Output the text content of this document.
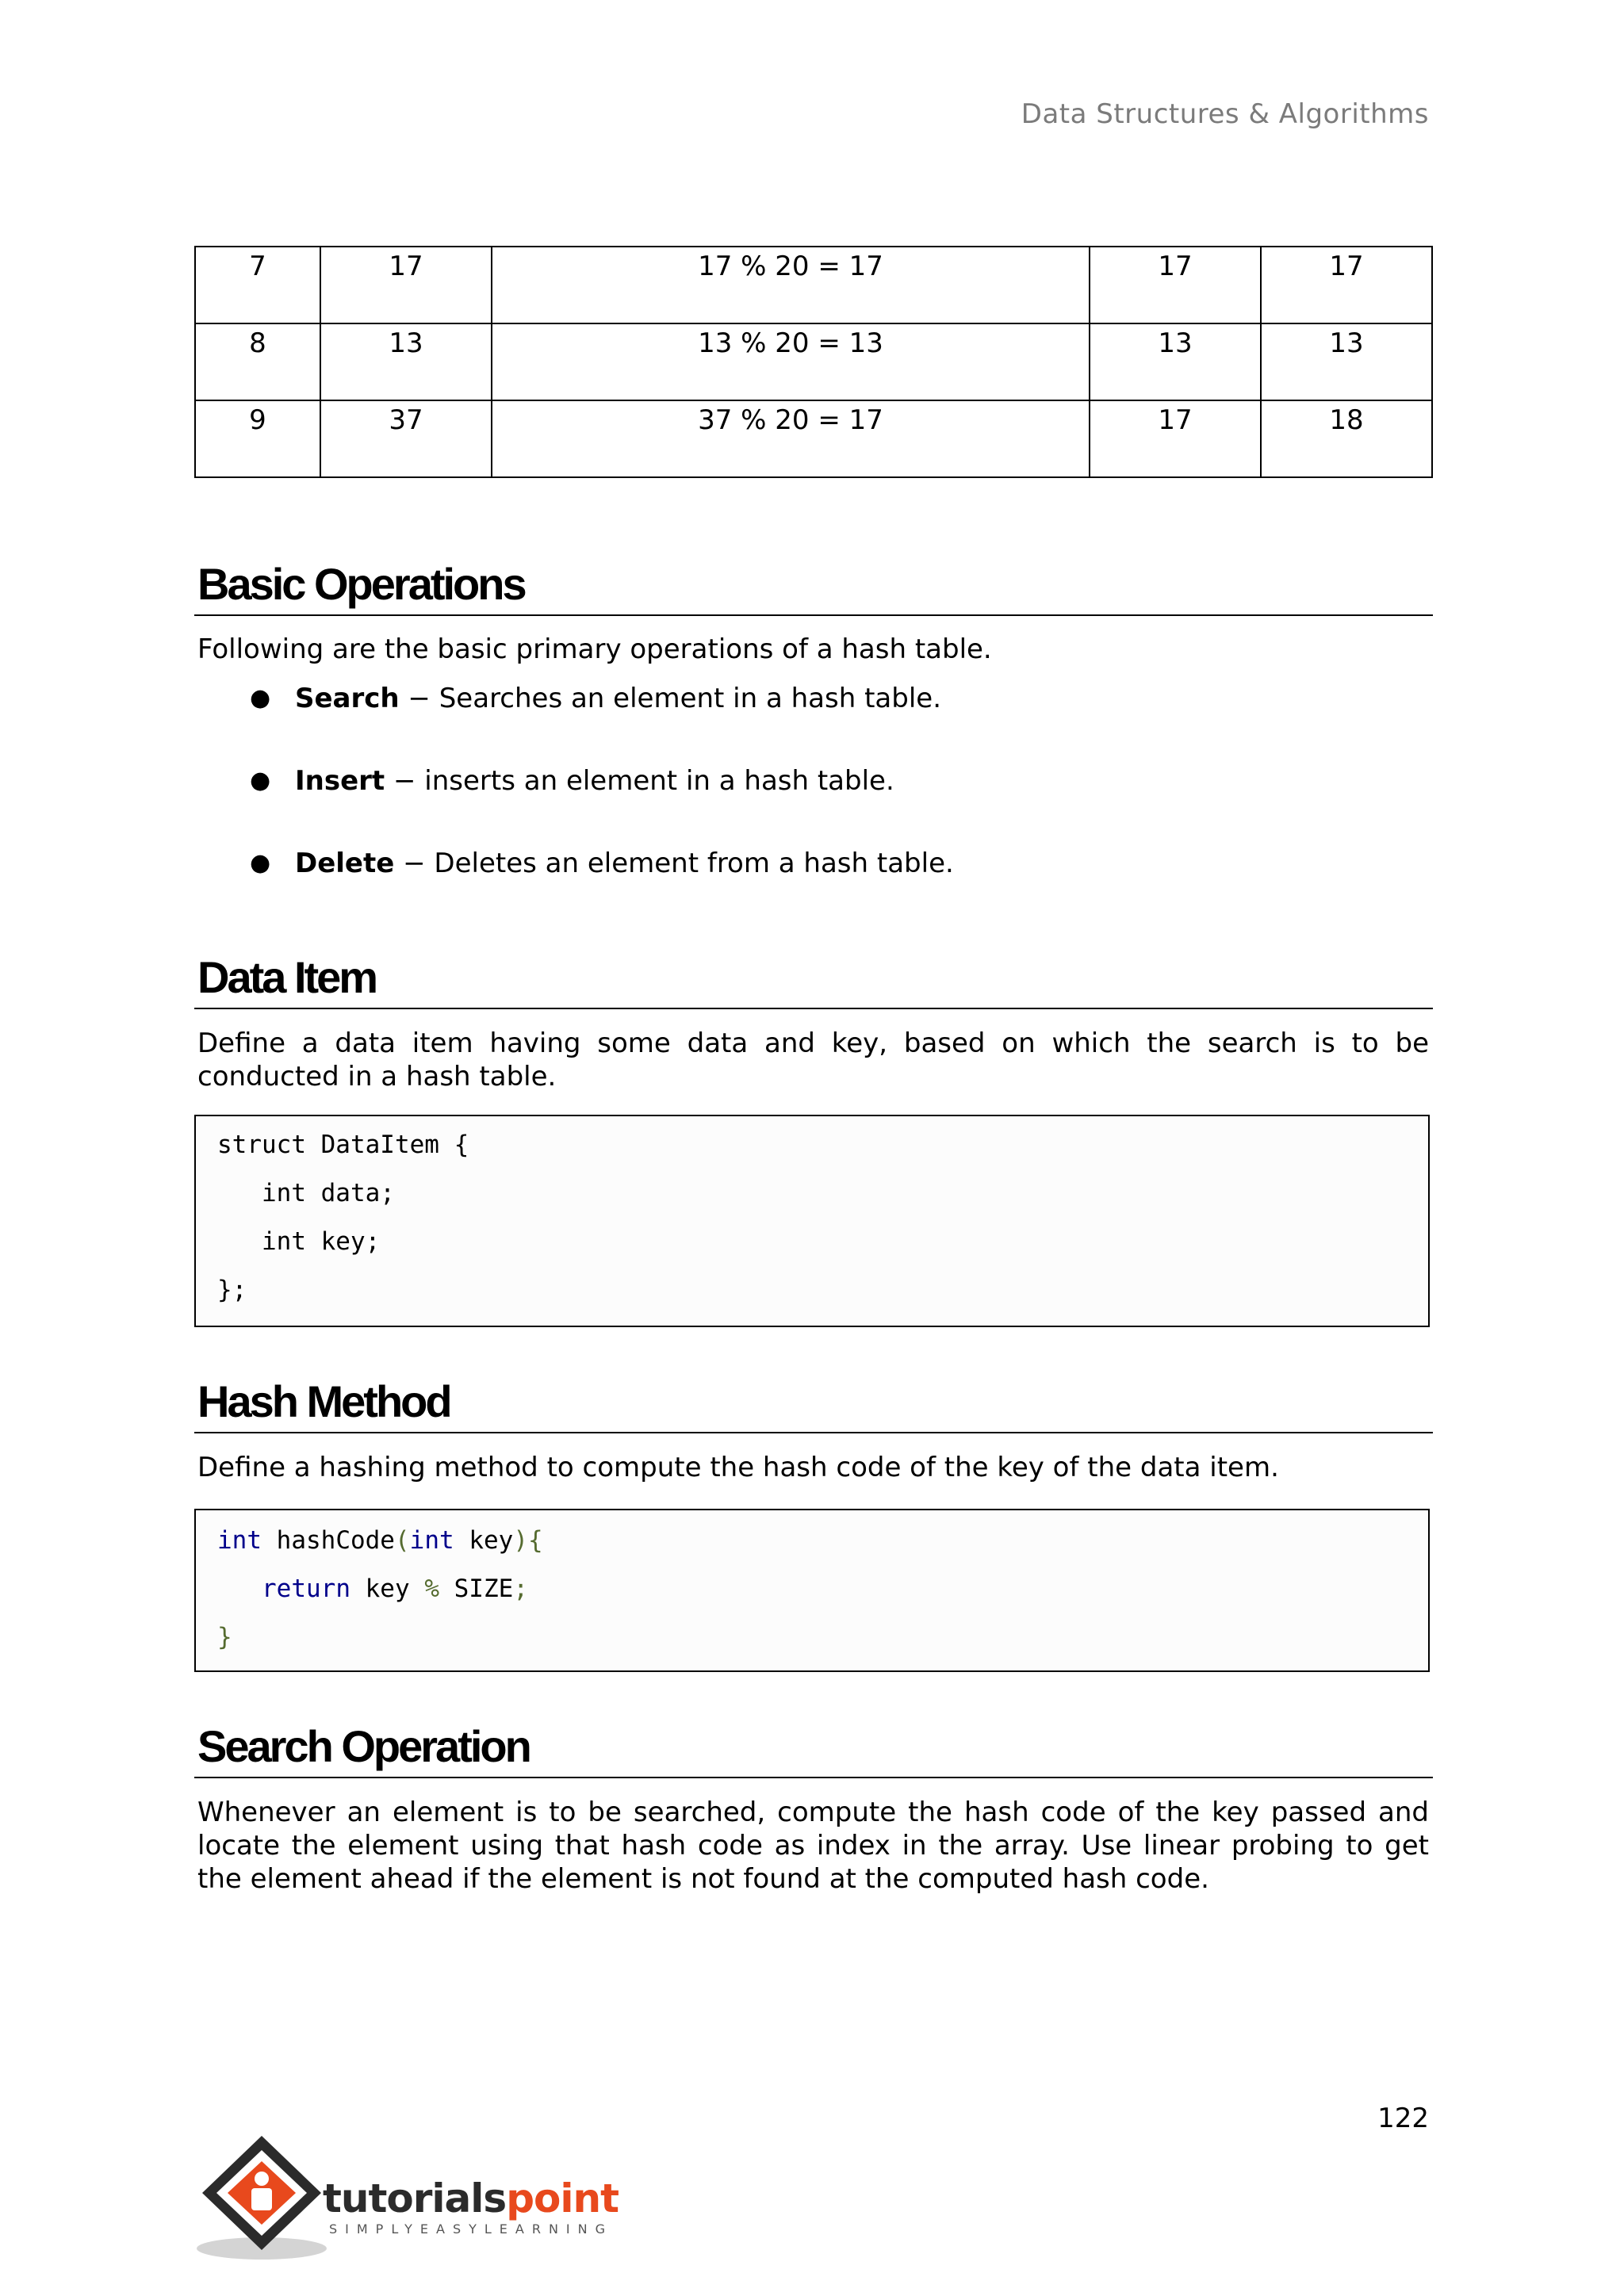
Data Structures & Algorithms
7	17	17 % 20 = 17	17	17
8	13	13 % 20 = 13	13	13
9	37	37 % 20 = 17	17	18
Basic Operations

Following are the basic primary operations of a hash table.

● Search − Searches an element in a hash table.
● Insert − inserts an element in a hash table.
● Delete − Deletes an element from a hash table.
Data Item

Define a data item having some data and key, based on which the search is to be conducted in a hash table.

struct DataItem {
int data;
int key;
};
Hash Method

Define a hashing method to compute the hash code of the key of the data item.

int hashCode(int key){
return key % SIZE;
}
Search Operation

Whenever an element is to be searched, compute the hash code of the key passed and locate the element using that hash code as index in the array. Use linear probing to get the element ahead if the element is not found at the computed hash code.

122
tutorialspoint
SIMPLYEASYLEARNING
